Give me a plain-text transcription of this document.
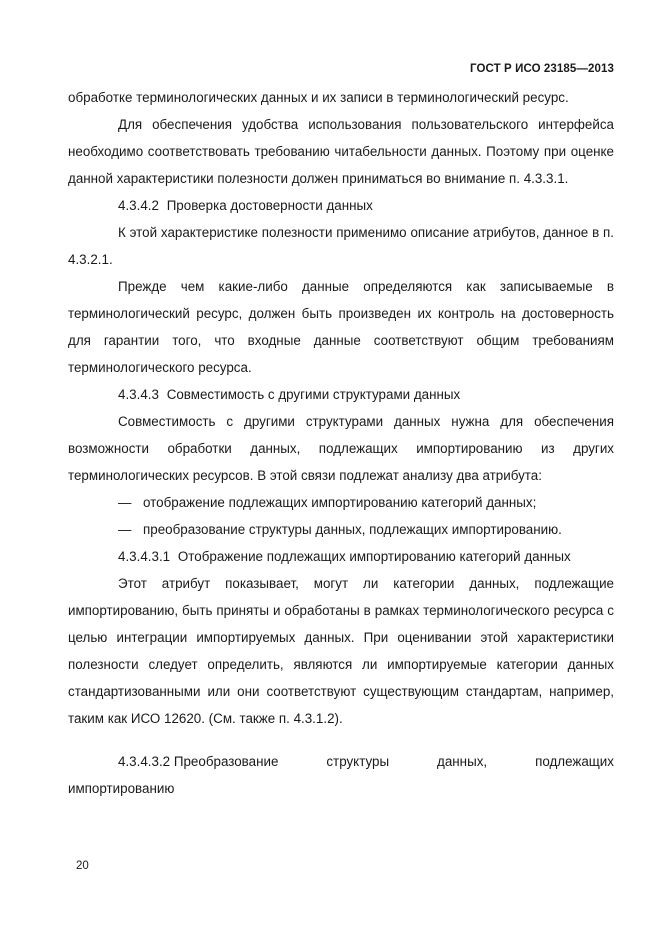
ГОСТ Р ИСО 23185—2013

обработке терминологических данных и их записи в терминологический ресурс.

Для обеспечения удобства использования пользовательского интерфейса необходимо соответствовать требованию читабельности данных. Поэтому при оценке данной характеристики полезности должен приниматься во внимание п. 4.3.3.1.

4.3.4.2 Проверка достоверности данных

К этой характеристике полезности применимо описание атрибутов, данное в п. 4.3.2.1.

Прежде чем какие-либо данные определяются как записываемые в терминологический ресурс, должен быть произведен их контроль на достоверность для гарантии того, что входные данные соответствуют общим требованиям терминологического ресурса.

4.3.4.3 Совместимость с другими структурами данных

Совместимость с другими структурами данных нужна для обеспечения возможности обработки данных, подлежащих импортированию из других терминологических ресурсов. В этой связи подлежат анализу два атрибута:

— отображение подлежащих импортированию категорий данных;

— преобразование структуры данных, подлежащих импортированию.

4.3.4.3.1 Отображение подлежащих импортированию категорий данных

Этот атрибут показывает, могут ли категории данных, подлежащие импортированию, быть приняты и обработаны в рамках терминологического ресурса с целью интеграции импортируемых данных. При оценивании этой характеристики полезности следует определить, являются ли импортируемые категории данных стандартизованными или они соответствуют существующим стандартам, например, таким как ИСО 12620. (См. также п. 4.3.1.2).

4.3.4.3.2 Преобразование	структуры	данных,	подлежащих

импортированию

20
